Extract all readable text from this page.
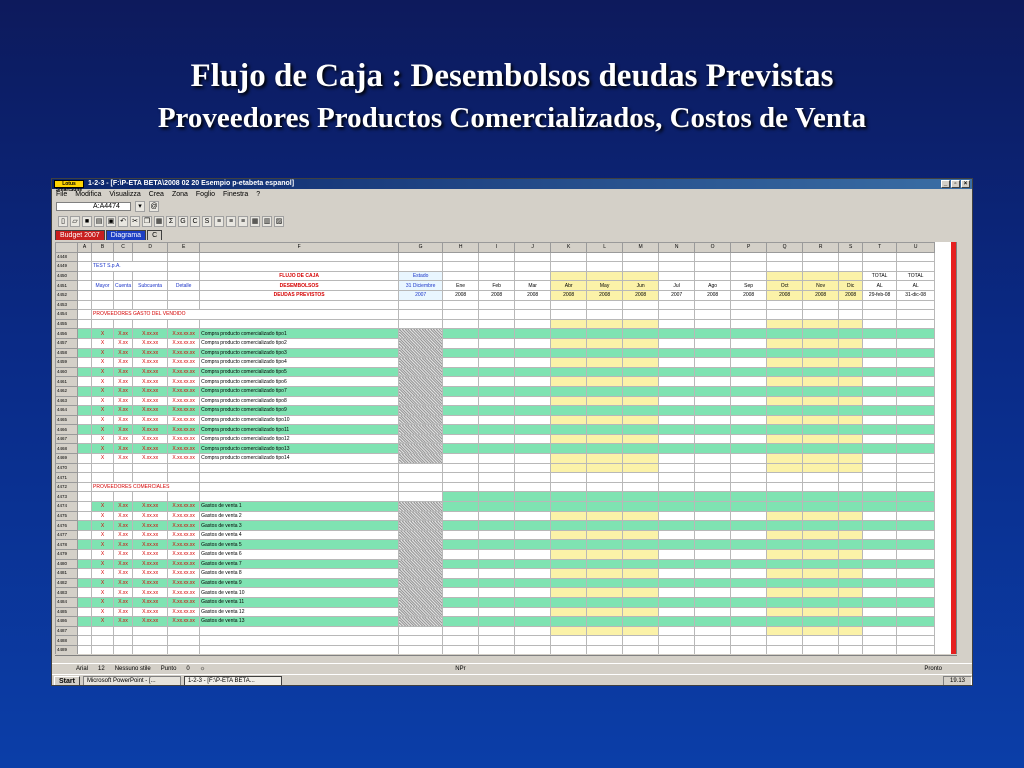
Flujo de Caja : Desembolsos deudas Previstas
Proveedores Productos Comercializados, Costos de Venta
Lotus SmartSuite
1-2-3 - [F:\P-ETA BETA\2008 02 20 Esempio p-etabeta espanol]	_	▫	×
File Modifica Visualizza Crea Zona Foglio Finestra ?
A:A4474	▾	@
▯	▱	■ ▤ ▣ ↶ ✂ ❐ ▦ Σ	G C	S	≡	≡	≡ ▦ ▥ ▨
Budget 2007	Diagrama	C
	A	B	C	D	E	F	G	H	I	J	K	L	M	N	O	P	Q	R	S	T	U
4448																					
4449		TEST S.p.A.																			
4450						FLUJO DE CAJA	Estado													TOTAL	TOTAL
4451		Mayor	Cuenta	Subcuenta	Detalle	DESEMBOLSOS	31 Diciembre	Ene	Feb	Mar	Abr	May	Jun	Jul	Ago	Sep	Oct	Nov	Dic	AL	AL
4452						DEUDAS PREVISTOS	2007	2008	2008	2008	2008	2008	2008	2007	2008	2008	2008	2008	2008	29-feb-08	31-dic-08
4453																					
4454		PROVEEDORES GASTO DEL VENDIDO																			
4455																					
4456		X	X.xx	X.xx.xx	X.xx.xx.xx	Compra producto comercializado tipo1															
4457		X	X.xx	X.xx.xx	X.xx.xx.xx	Compra producto comercializado tipo2															
4458		X	X.xx	X.xx.xx	X.xx.xx.xx	Compra producto comercializado tipo3															
4459		X	X.xx	X.xx.xx	X.xx.xx.xx	Compra producto comercializado tipo4															
4460		X	X.xx	X.xx.xx	X.xx.xx.xx	Compra producto comercializado tipo5															
4461		X	X.xx	X.xx.xx	X.xx.xx.xx	Compra producto comercializado tipo6															
4462		X	X.xx	X.xx.xx	X.xx.xx.xx	Compra producto comercializado tipo7															
4463		X	X.xx	X.xx.xx	X.xx.xx.xx	Compra producto comercializado tipo8															
4464		X	X.xx	X.xx.xx	X.xx.xx.xx	Compra producto comercializado tipo9															
4465		X	X.xx	X.xx.xx	X.xx.xx.xx	Compra producto comercializado tipo10															
4466		X	X.xx	X.xx.xx	X.xx.xx.xx	Compra producto comercializado tipo11															
4467		X	X.xx	X.xx.xx	X.xx.xx.xx	Compra producto comercializado tipo12															
4468		X	X.xx	X.xx.xx	X.xx.xx.xx	Compra producto comercializado tipo13															
4469		X	X.xx	X.xx.xx	X.xx.xx.xx	Compra producto comercializado tipo14															
4470																					
4471																					
4472		PROVEEDORES COMERCIALES																			
4473																					
4474		X	X.xx	X.xx.xx	X.xx.xx.xx	Gastos de venta 1															
4475		X	X.xx	X.xx.xx	X.xx.xx.xx	Gastos de venta 2															
4476		X	X.xx	X.xx.xx	X.xx.xx.xx	Gastos de venta 3															
4477		X	X.xx	X.xx.xx	X.xx.xx.xx	Gastos de venta 4															
4478		X	X.xx	X.xx.xx	X.xx.xx.xx	Gastos de venta 5															
4479		X	X.xx	X.xx.xx	X.xx.xx.xx	Gastos de venta 6															
4480		X	X.xx	X.xx.xx	X.xx.xx.xx	Gastos de venta 7															
4481		X	X.xx	X.xx.xx	X.xx.xx.xx	Gastos de venta 8															
4482		X	X.xx	X.xx.xx	X.xx.xx.xx	Gastos de venta 9															
4483		X	X.xx	X.xx.xx	X.xx.xx.xx	Gastos de venta 10															
4484		X	X.xx	X.xx.xx	X.xx.xx.xx	Gastos de venta 11															
4485		X	X.xx	X.xx.xx	X.xx.xx.xx	Gastos de venta 12															
4486		X	X.xx	X.xx.xx	X.xx.xx.xx	Gastos de venta 13															
4487																					
4488																					
4489																					
Arial 12 Nessuno stile Punto 0 ☼	NPr	Pronto
Start	Microsoft PowerPoint - [...	1-2-3 - [F:\P-ETA BETA...	19.13
